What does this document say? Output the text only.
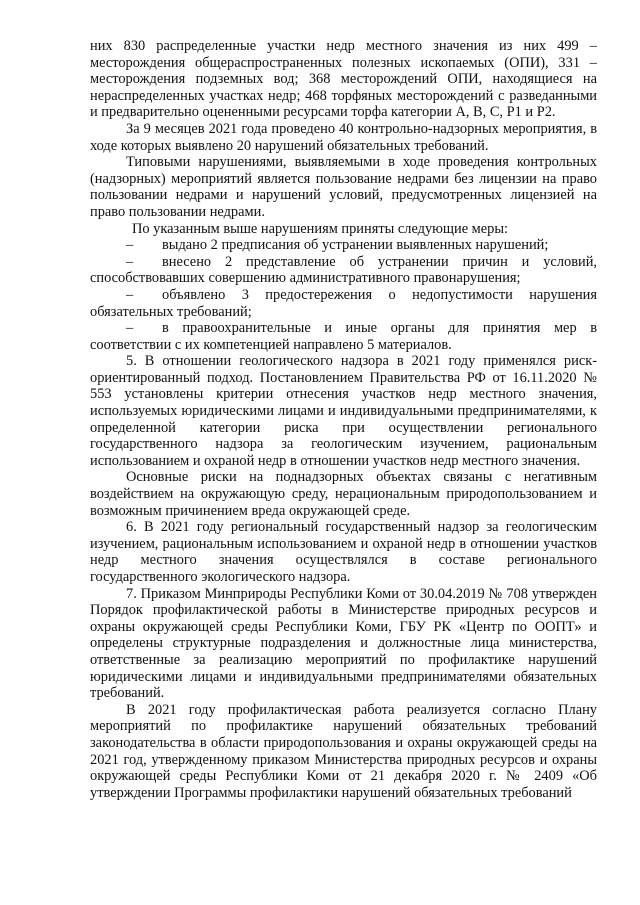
них 830 распределенные участки недр местного значения из них 499 – месторождения общераспространенных полезных ископаемых (ОПИ), 331 – месторождения подземных вод; 368 месторождений ОПИ, находящиеся на нераспределенных участках недр; 468 торфяных месторождений с разведанными и предварительно оцененными ресурсами торфа категории A, B, C, P1 и P2.

За 9 месяцев 2021 года проведено 40 контрольно-надзорных мероприятия, в ходе которых выявлено 20 нарушений обязательных требований.

Типовыми нарушениями, выявляемыми в ходе проведения контрольных (надзорных) мероприятий является пользование недрами без лицензии на право пользовании недрами и нарушений условий, предусмотренных лицензией на право пользовании недрами.

По указанным выше нарушениям приняты следующие меры:

– выдано 2 предписания об устранении выявленных нарушений;

– внесено 2 представление об устранении причин и условий, способствовавших совершению административного правонарушения;

– объявлено 3 предостережения о недопустимости нарушения обязательных требований;

– в правоохранительные и иные органы для принятия мер в соответствии с их компетенцией направлено 5 материалов.

5. В отношении геологического надзора в 2021 году применялся риск-ориентированный подход. Постановлением Правительства РФ от 16.11.2020 № 553 установлены критерии отнесения участков недр местного значения, используемых юридическими лицами и индивидуальными предпринимателями, к определенной категории риска при осуществлении регионального государственного надзора за геологическим изучением, рациональным использованием и охраной недр в отношении участков недр местного значения.

Основные риски на поднадзорных объектах связаны с негативным воздействием на окружающую среду, нерациональным природопользованием и возможным причинением вреда окружающей среде.

6. В 2021 году региональный государственный надзор за геологическим изучением, рациональным использованием и охраной недр в отношении участков недр местного значения осуществлялся в составе регионального государственного экологического надзора.

7. Приказом Минприроды Республики Коми от 30.04.2019 № 708 утвержден Порядок профилактической работы в Министерстве природных ресурсов и охраны окружающей среды Республики Коми, ГБУ РК «Центр по ООПТ» и определены структурные подразделения и должностные лица министерства, ответственные за реализацию мероприятий по профилактике нарушений юридическими лицами и индивидуальными предпринимателями обязательных требований.

В 2021 году профилактическая работа реализуется согласно Плану мероприятий по профилактике нарушений обязательных требований законодательства в области природопользования и охраны окружающей среды на 2021 год, утвержденному приказом Министерства природных ресурсов и охраны окружающей среды Республики Коми от 21 декабря 2020 г. № 2409 «Об утверждении Программы профилактики нарушений обязательных требований
